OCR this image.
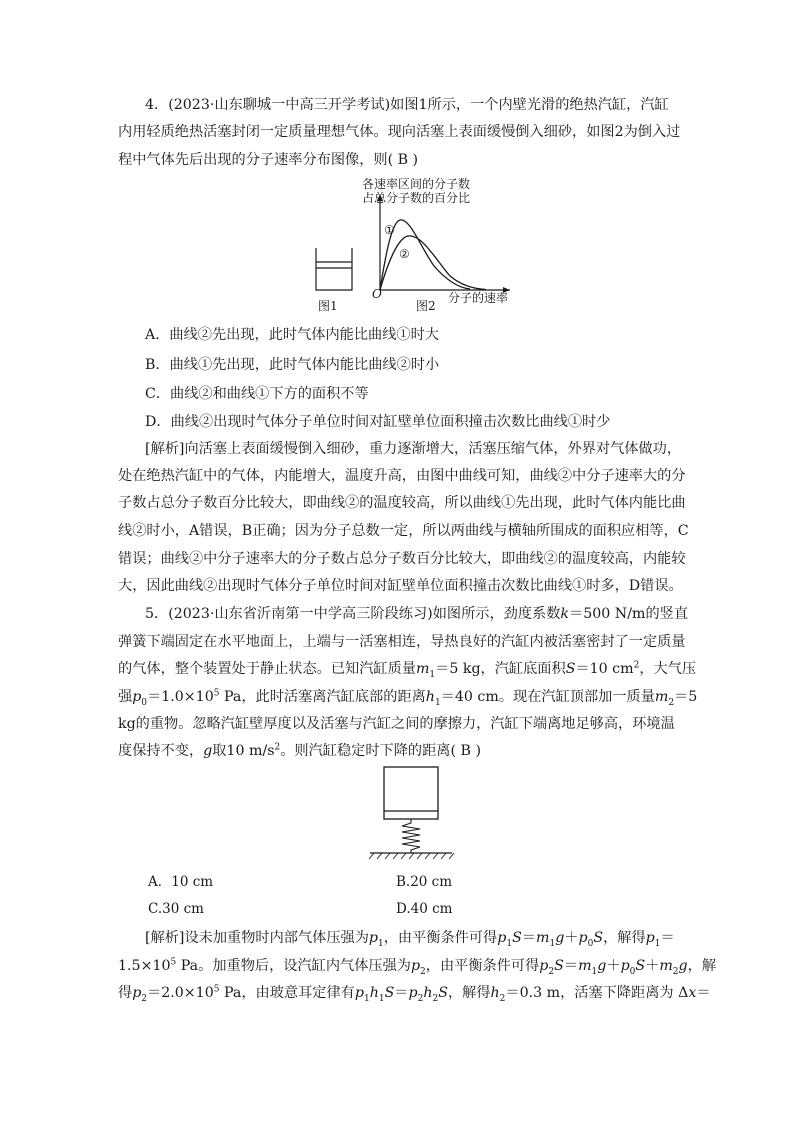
4．(2023·山东聊城一中高三开学考试)如图1所示，一个内壁光滑的绝热汽缸，汽缸
内用轻质绝热活塞封闭一定质量理想气体。现向活塞上表面缓慢倒入细砂，如图2为倒入过
程中气体先后出现的分子速率分布图像，则( B )
各速率区间的分子数
占总分子数的百分比
①
②
O	分子的速率
图1	图2
A．曲线②先出现，此时气体内能比曲线①时大
B．曲线①先出现，此时气体内能比曲线②时小
C．曲线②和曲线①下方的面积不等
D．曲线②出现时气体分子单位时间对缸壁单位面积撞击次数比曲线①时少
[解析]向活塞上表面缓慢倒入细砂，重力逐渐增大，活塞压缩气体，外界对气体做功，
处在绝热汽缸中的气体，内能增大，温度升高，由图中曲线可知，曲线②中分子速率大的分
子数占总分子数百分比较大，即曲线②的温度较高，所以曲线①先出现，此时气体内能比曲
线②时小，A错误，B正确；因为分子总数一定，所以两曲线与横轴所围成的面积应相等，C
错误；曲线②中分子速率大的分子数占总分子数百分比较大，即曲线②的温度较高，内能较
大，因此曲线②出现时气体分子单位时间对缸壁单位面积撞击次数比曲线①时多，D错误。
5．(2023·山东省沂南第一中学高三阶段练习)如图所示，劲度系数k＝500 N/m的竖直
弹簧下端固定在水平地面上，上端与一活塞相连，导热良好的汽缸内被活塞密封了一定质量
的气体，整个装置处于静止状态。已知汽缸质量$m_1=5$ kg，汽缸底面积S＝10 $cm^2$，大气压
强$p_0=1.0\times 10^5$ Pa，此时活塞离汽缸底部的距离$h_1=40$ cm。现在汽缸顶部加一质量$m_2=5$
kg的重物。忽略汽缸壁厚度以及活塞与汽缸之间的摩擦力，汽缸下端离地足够高，环境温
度保持不变，g取10 $m/s^2$。则汽缸稳定时下降的距离( B )
A．10 cm	B.20 cm
C.30 cm	D.40 cm
[解析]设未加重物时内部气体压强为$p_1$，由平衡条件可得$p_1S=m_1g+p_0S$，解得$p_1=$
$1.5\times 10^5$ Pa。加重物后，设汽缸内气体压强为$p_2$，由平衡条件可得$p_2S=m_1g+p_0S+m_2g$，解
得$p_2=2.0\times 10^5$ Pa，由玻意耳定律有$p_1h_1S=p_2h_2S$，解得$h_2=0.3$ m，活塞下降距离为 Δx＝
